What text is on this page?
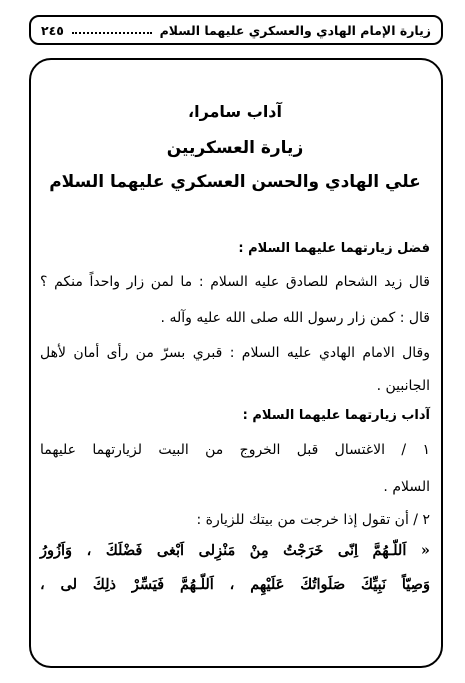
زيارة الإمام الهادي والعسكري عليهما السلام
٢٤٥
آداب سامرا،
زيارة العسكريين
علي الهادي والحسن العسكري عليهما السلام
فضل زيارتهما عليهما السلام :
قال زيد الشحام للصادق عليه السلام : ما لمن زار واحداً منكم ؟
قال : كمن زار رسول الله صلى الله عليه وآله .
وقال الامام الهادي عليه السلام : قبري بسرّ من رأى أمان لأهل
الجانبين .
آداب زيارتهما عليهما السلام :
١ / الاغتسال قبل الخروج من البيت لزيارتهما عليهما
السلام .
٢ / أن تقول إذا خرجت من بيتك للزيارة :
« اَللّـهُمَّ اِنّى خَرَجْتُ مِنْ مَنْزِلى اَبْغى فَضْلَكَ ، وَاَزُورُ
وَصِيّاً نَبِيِّكَ صَلَواتُكَ عَلَيْهِم ، اَللّـهُمَّ فَيَسِّرْ ذلِكَ لى ،
